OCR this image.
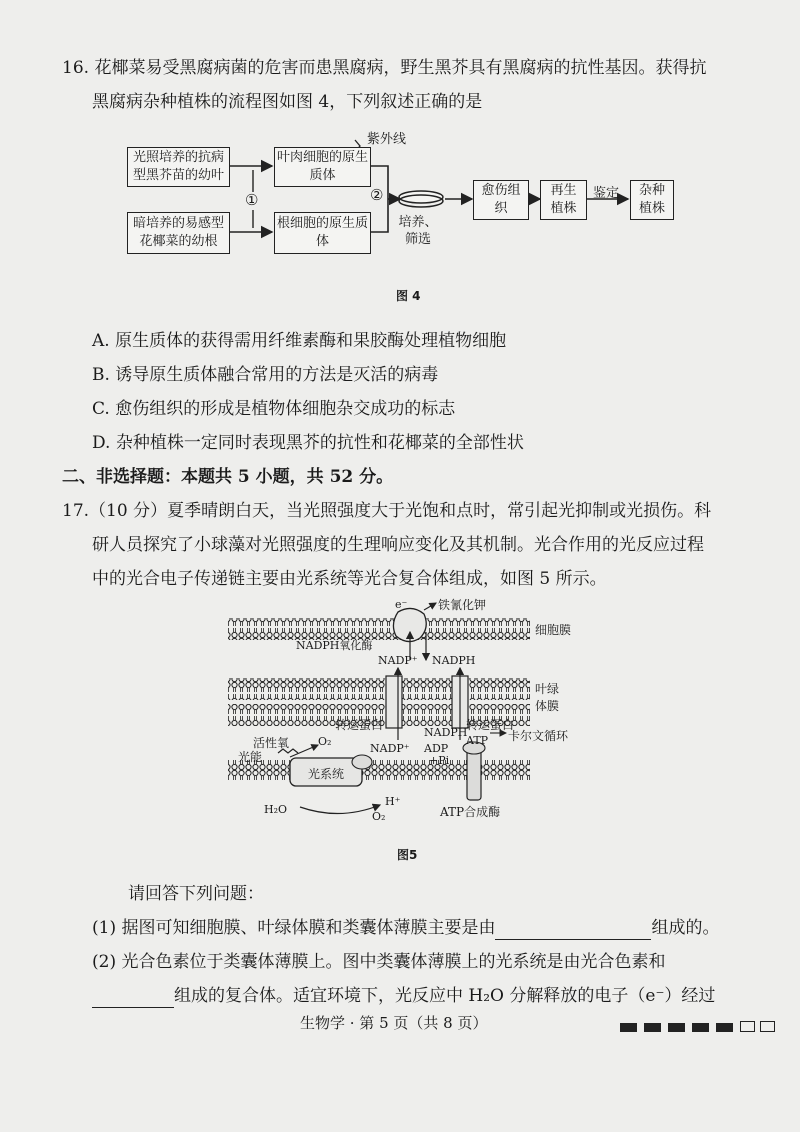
16. 花椰菜易受黑腐病菌的危害而患黑腐病，野生黑芥具有黑腐病的抗性基因。获得抗
黑腐病杂种植株的流程图如图 4，下列叙述正确的是
光照培养的抗病型黑芥苗的幼叶
暗培养的易感型花椰菜的幼根
叶肉细胞的原生质体
根细胞的原生质体
①	②
紫外线
培养、筛选
愈伤组织
再生植株
鉴定	杂种植株
图 4
A. 原生质体的获得需用纤维素酶和果胶酶处理植物细胞
B. 诱导原生质体融合常用的方法是灭活的病毒
C. 愈伤组织的形成是植物体细胞杂交成功的标志
D. 杂种植株一定同时表现黑芥的抗性和花椰菜的全部性状
二、非选择题：本题共 5 小题，共 52 分。
17.（10 分）夏季晴朗白天，当光照强度大于光饱和点时，常引起光抑制或光损伤。科
研人员探究了小球藻对光照强度的生理响应变化及其机制。光合作用的光反应过程
中的光合电子传递链主要由光系统等光合复合体组成，如图 5 所示。
e⁻	铁氰化钾
细胞膜
NADPH氧化酶
NADP⁺ NADPH
叶绿
体膜
转运蛋白	转运蛋白
活性氧	O₂
NADP⁺
NADPH
ADP
+Pi
ATP 卡尔文循环
光能
光系统
H₂O
H⁺
O₂	ATP合成酶
图5
请回答下列问题：
(1) 据图可知细胞膜、叶绿体膜和类囊体薄膜主要是由	组成的。
(2) 光合色素位于类囊体薄膜上。图中类囊体薄膜上的光系统是由光合色素和
组成的复合体。适宜环境下，光反应中 H₂O 分解释放的电子（e⁻）经过
生物学 · 第 5 页（共 8 页）
